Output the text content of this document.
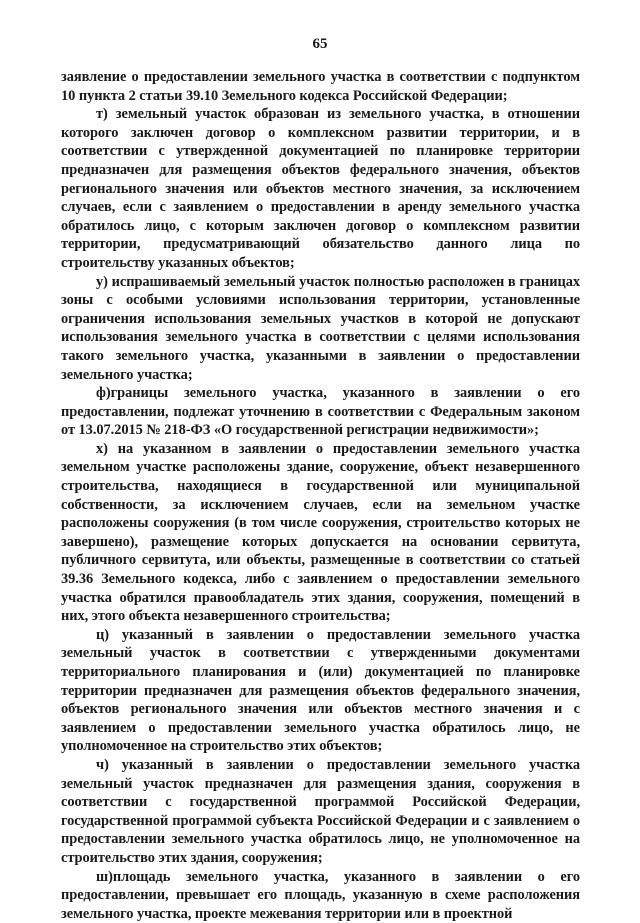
65

заявление о предоставлении земельного участка в соответствии с подпунктом 10 пункта 2 статьи 39.10 Земельного кодекса Российской Федерации;

т) земельный участок образован из земельного участка, в отношении которого заключен договор о комплексном развитии территории, и в соответствии с утвержденной документацией по планировке территории предназначен для размещения объектов федерального значения, объектов регионального значения или объектов местного значения, за исключением случаев, если с заявлением о предоставлении в аренду земельного участка обратилось лицо, с которым заключен договор о комплексном развитии территории, предусматривающий обязательство данного лица по строительству указанных объектов;

у) испрашиваемый земельный участок полностью расположен в границах зоны с особыми условиями использования территории, установленные ограничения использования земельных участков в которой не допускают использования земельного участка в соответствии с целями использования такого земельного участка, указанными в заявлении о предоставлении земельного участка;

ф)границы земельного участка, указанного в заявлении о его предоставлении, подлежат уточнению в соответствии с Федеральным законом от 13.07.2015 № 218-ФЗ «О государственной регистрации недвижимости»;

х) на указанном в заявлении о предоставлении земельного участка земельном участке расположены здание, сооружение, объект незавершенного строительства, находящиеся в государственной или муниципальной собственности, за исключением случаев, если на земельном участке расположены сооружения (в том числе сооружения, строительство которых не завершено), размещение которых допускается на основании сервитута, публичного сервитута, или объекты, размещенные в соответствии со статьей 39.36 Земельного кодекса, либо с заявлением о предоставлении земельного участка обратился правообладатель этих здания, сооружения, помещений в них, этого объекта незавершенного строительства;

ц) указанный в заявлении о предоставлении земельного участка земельный участок в соответствии с утвержденными документами территориального планирования и (или) документацией по планировке территории предназначен для размещения объектов федерального значения, объектов регионального значения или объектов местного значения и с заявлением о предоставлении земельного участка обратилось лицо, не уполномоченное на строительство этих объектов;

ч) указанный в заявлении о предоставлении земельного участка земельный участок предназначен для размещения здания, сооружения в соответствии с государственной программой Российской Федерации, государственной программой субъекта Российской Федерации и с заявлением о предоставлении земельного участка обратилось лицо, не уполномоченное на строительство этих здания, сооружения;

ш)площадь земельного участка, указанного в заявлении о его предоставлении, превышает его площадь, указанную в схеме расположения земельного участка, проекте межевания территории или в проектной
